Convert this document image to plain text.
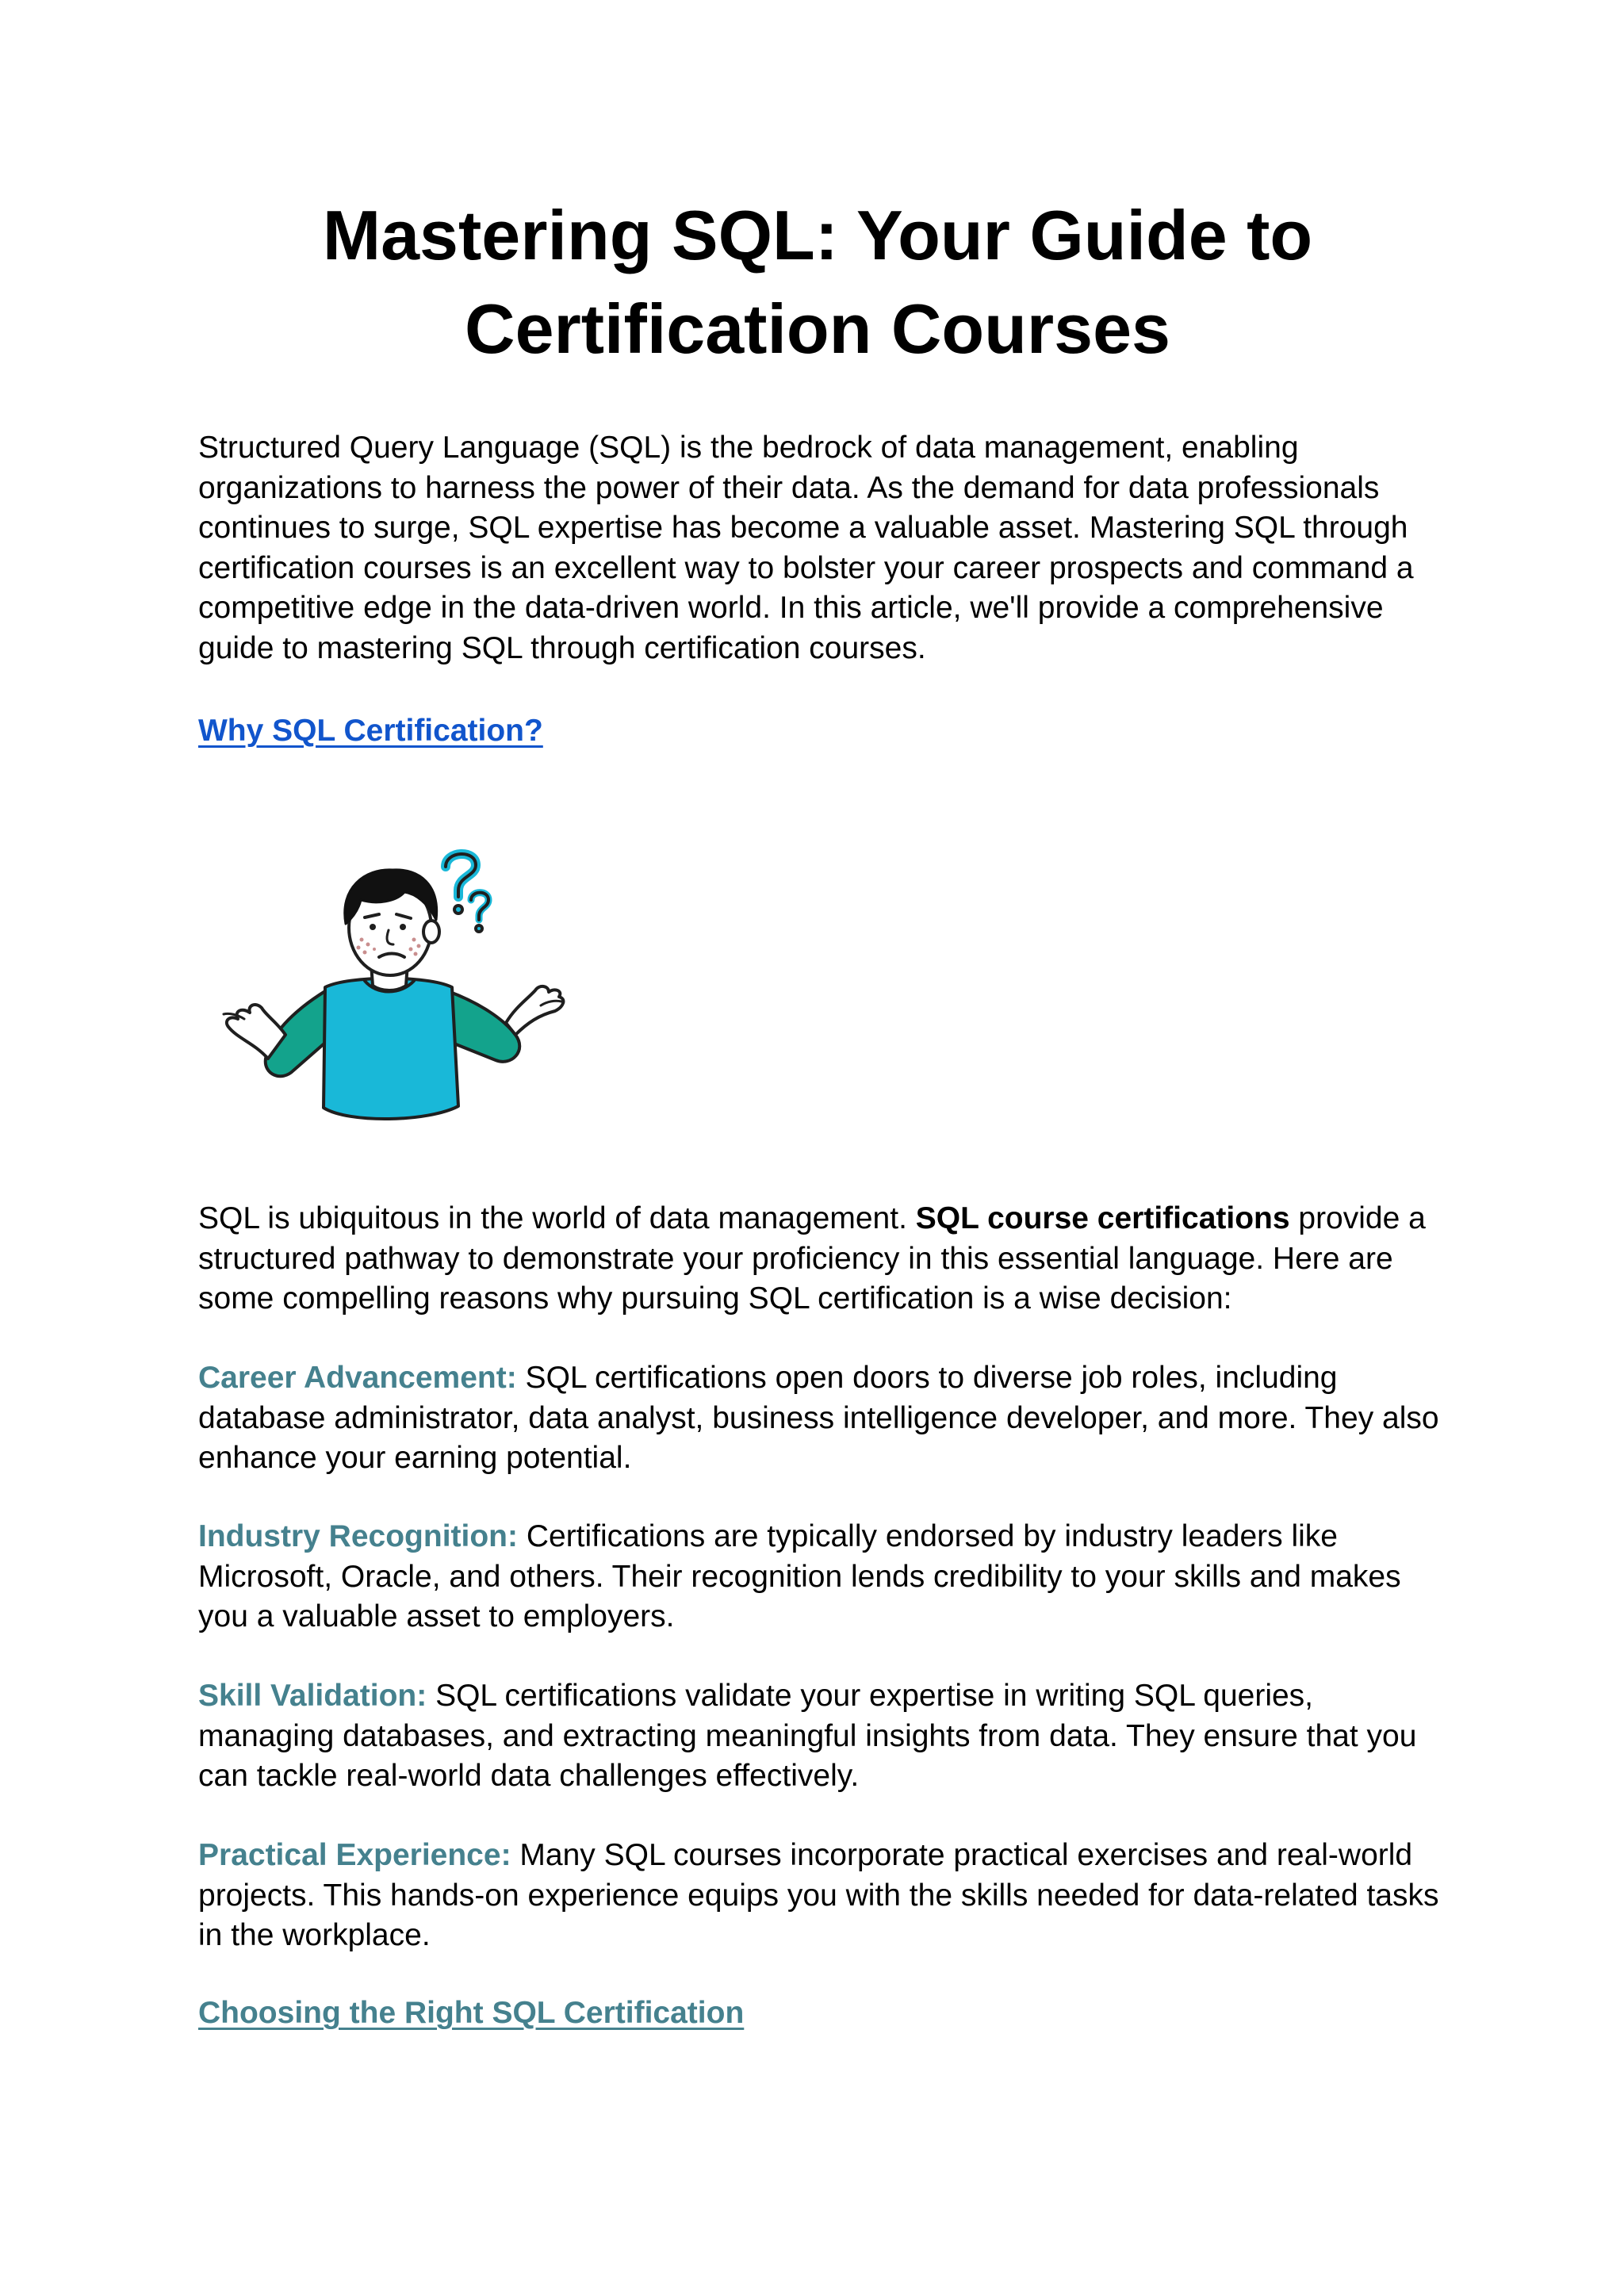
Mastering SQL: Your Guide to Certification Courses

Structured Query Language (SQL) is the bedrock of data management, enabling organizations to harness the power of their data. As the demand for data professionals continues to surge, SQL expertise has become a valuable asset. Mastering SQL through certification courses is an excellent way to bolster your career prospects and command a competitive edge in the data-driven world. In this article, we'll provide a comprehensive guide to mastering SQL through certification courses.

Why SQL Certification?

SQL is ubiquitous in the world of data management. SQL course certifications provide a structured pathway to demonstrate your proficiency in this essential language. Here are some compelling reasons why pursuing SQL certification is a wise decision:

Career Advancement: SQL certifications open doors to diverse job roles, including database administrator, data analyst, business intelligence developer, and more. They also enhance your earning potential.

Industry Recognition: Certifications are typically endorsed by industry leaders like Microsoft, Oracle, and others. Their recognition lends credibility to your skills and makes you a valuable asset to employers.

Skill Validation: SQL certifications validate your expertise in writing SQL queries, managing databases, and extracting meaningful insights from data. They ensure that you can tackle real-world data challenges effectively.

Practical Experience: Many SQL courses incorporate practical exercises and real-world projects. This hands-on experience equips you with the skills needed for data-related tasks in the workplace.

Choosing the Right SQL Certification
